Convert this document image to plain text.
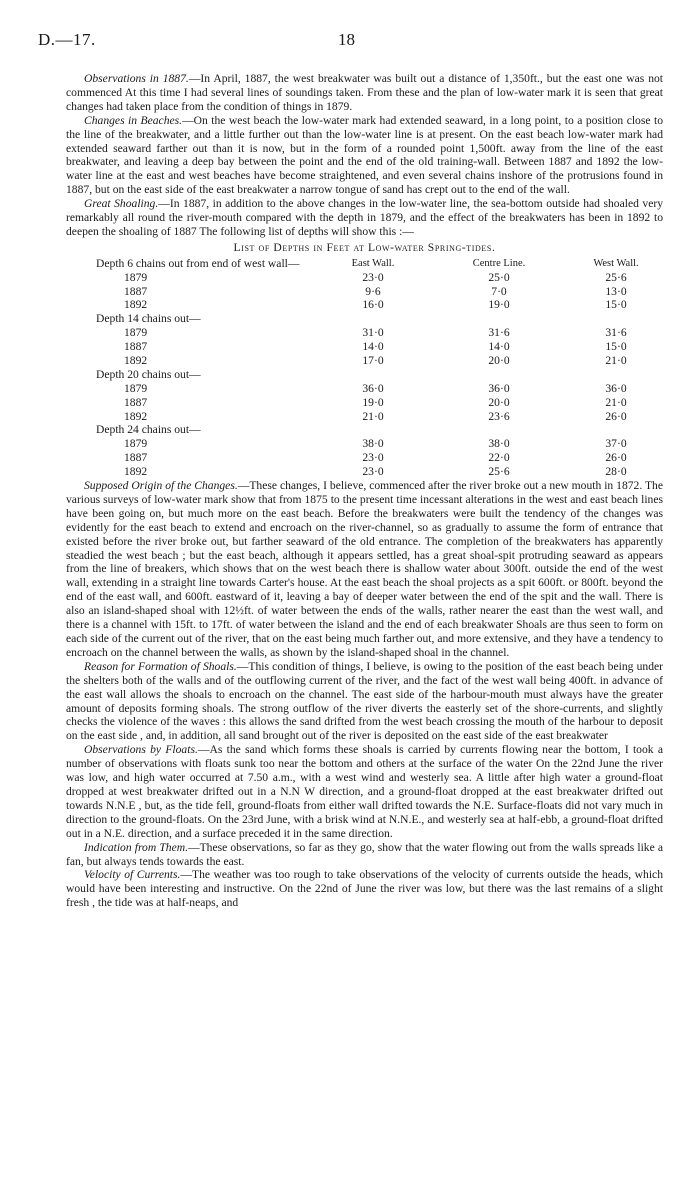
D.—17.	18

Observations in 1887.—In April, 1887, the west breakwater was built out a distance of 1,350ft., but the east one was not commenced At this time I had several lines of soundings taken. From these and the plan of low-water mark it is seen that great changes had taken place from the condition of things in 1879.

Changes in Beaches.—On the west beach the low-water mark had extended seaward, in a long point, to a position close to the line of the breakwater, and a little further out than the low-water line is at present. On the east beach low-water mark had extended seaward farther out than it is now, but in the form of a rounded point 1,500ft. away from the line of the east breakwater, and leaving a deep bay between the point and the end of the old training-wall. Between 1887 and 1892 the low-water line at the east and west beaches have become straightened, and even several chains inshore of the protrusions found in 1887, but on the east side of the east breakwater a narrow tongue of sand has crept out to the end of the wall.

Great Shoaling.—In 1887, in addition to the above changes in the low-water line, the sea-bottom outside had shoaled very remarkably all round the river-mouth compared with the depth in 1879, and the effect of the breakwaters has been in 1892 to deepen the shoaling of 1887 The following list of depths will show this :—

List of Depths in Feet at Low-water Spring-tides.
Depth 6 chains out from end of west wall—	East Wall.	Centre Line.	West Wall.
1879	23·0	25·0	25·6
1887	9·6	7·0	13·0
1892	16·0	19·0	15·0
Depth 14 chains out—
1879	31·0	31·6	31·6
1887	14·0	14·0	15·0
1892	17·0	20·0	21·0
Depth 20 chains out—
1879	36·0	36·0	36·0
1887	19·0	20·0	21·0
1892	21·0	23·6	26·0
Depth 24 chains out—
1879	38·0	38·0	37·0
1887	23·0	22·0	26·0
1892	23·0	25·6	28·0

Supposed Origin of the Changes.—These changes, I believe, commenced after the river broke out a new mouth in 1872. The various surveys of low-water mark show that from 1875 to the present time incessant alterations in the west and east beach lines have been going on, but much more on the east beach. Before the breakwaters were built the tendency of the changes was evidently for the east beach to extend and encroach on the river-channel, so as gradually to assume the form of entrance that existed before the river broke out, but farther seaward of the old entrance. The completion of the breakwaters has apparently steadied the west beach ; but the east beach, although it appears settled, has a great shoal-spit protruding seaward as appears from the line of breakers, which shows that on the west beach there is shallow water about 300ft. outside the end of the west wall, extending in a straight line towards Carter's house. At the east beach the shoal projects as a spit 600ft. or 800ft. beyond the end of the east wall, and 600ft. eastward of it, leaving a bay of deeper water between the end of the spit and the wall. There is also an island-shaped shoal with 12½ft. of water between the ends of the walls, rather nearer the east than the west wall, and there is a channel with 15ft. to 17ft. of water between the island and the end of each breakwater Shoals are thus seen to form on each side of the current out of the river, that on the east being much farther out, and more extensive, and they have a tendency to encroach on the channel between the walls, as shown by the island-shaped shoal in the channel.

Reason for Formation of Shoals.—This condition of things, I believe, is owing to the position of the east beach being under the shelters both of the walls and of the outflowing current of the river, and the fact of the west wall being 400ft. in advance of the east wall allows the shoals to encroach on the channel. The east side of the harbour-mouth must always have the greater amount of deposits forming shoals. The strong outflow of the river diverts the easterly set of the shore-currents, and slightly checks the violence of the waves : this allows the sand drifted from the west beach crossing the mouth of the harbour to deposit on the east side , and, in addition, all sand brought out of the river is deposited on the east side of the east breakwater

Observations by Floats.—As the sand which forms these shoals is carried by currents flowing near the bottom, I took a number of observations with floats sunk too near the bottom and others at the surface of the water On the 22nd June the river was low, and high water occurred at 7.50 a.m., with a west wind and westerly sea. A little after high water a ground-float dropped at west breakwater drifted out in a N.N W direction, and a ground-float dropped at the east breakwater drifted out towards N.N.E , but, as the tide fell, ground-floats from either wall drifted towards the N.E. Surface-floats did not vary much in direction to the ground-floats. On the 23rd June, with a brisk wind at N.N.E., and westerly sea at half-ebb, a ground-float drifted out in a N.E. direction, and a surface preceded it in the same direction.

Indication from Them.—These observations, so far as they go, show that the water flowing out from the walls spreads like a fan, but always tends towards the east.

Velocity of Currents.—The weather was too rough to take observations of the velocity of currents outside the heads, which would have been interesting and instructive. On the 22nd of June the river was low, but there was the last remains of a slight fresh , the tide was at half-neaps, and
